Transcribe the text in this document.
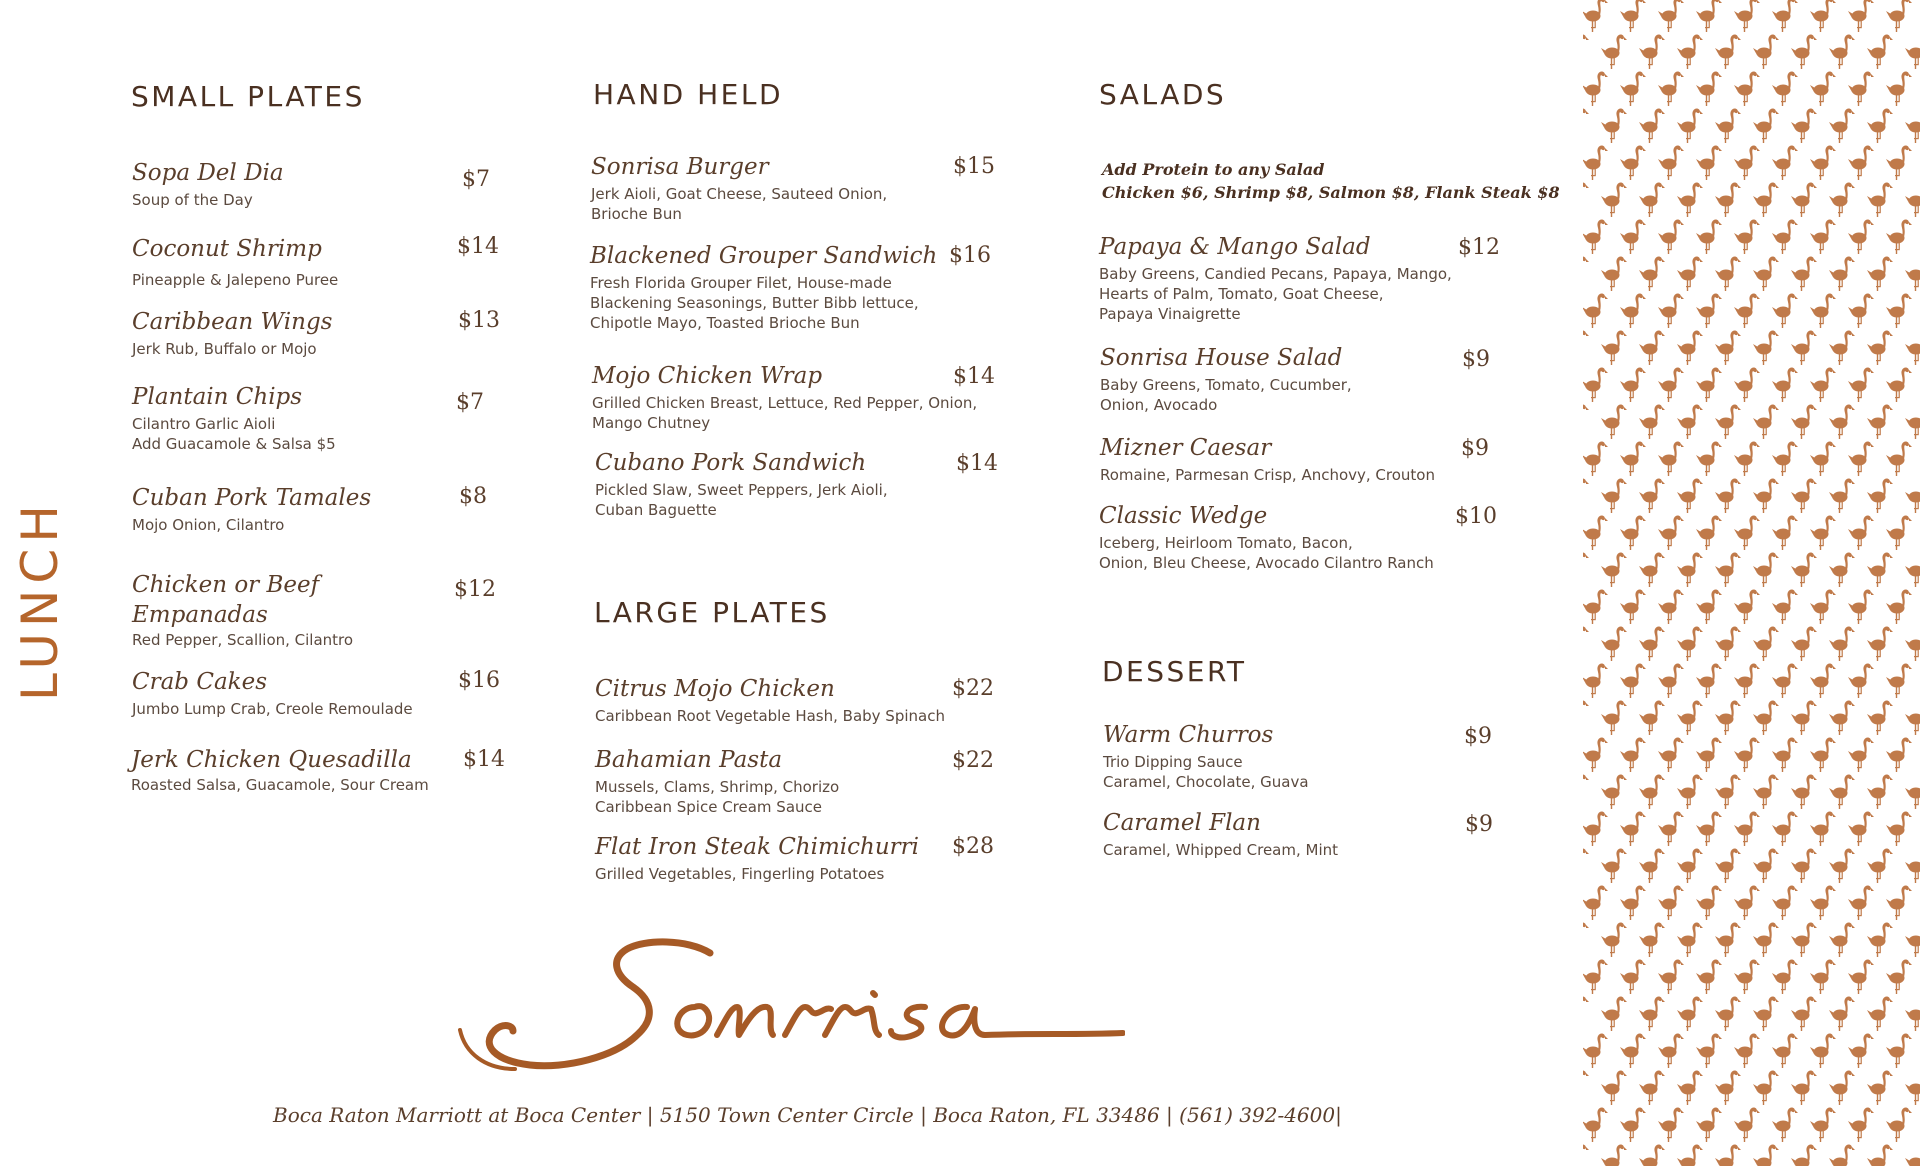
LUNCH
SMALL PLATES	HAND HELD
LARGE PLATES
SALADS
DESSERT
Add Protein to any Salad
Chicken $6, Shrimp $8, Salmon $8, Flank Steak $8
Sopa Del Dia
Soup of the Day
$7
Coconut Shrimp
Pineapple & Jalepeno Puree
$14
Caribbean Wings
Jerk Rub, Buffalo or Mojo
$13
Plantain Chips
Cilantro Garlic Aioli
Add Guacamole & Salsa $5
$7
Cuban Pork Tamales
Mojo Onion, Cilantro
$8
Chicken or Beef Empanadas
Red Pepper, Scallion, Cilantro
$12
Crab Cakes
Jumbo Lump Crab, Creole Remoulade
$16
Jerk Chicken Quesadilla
Roasted Salsa, Guacamole, Sour Cream
$14
Sonrisa Burger
Jerk Aioli, Goat Cheese, Sauteed Onion,
Brioche Bun
$15
Blackened Grouper Sandwich
Fresh Florida Grouper Filet, House-made
Blackening Seasonings, Butter Bibb lettuce,
Chipotle Mayo, Toasted Brioche Bun
$16
Mojo Chicken Wrap
Grilled Chicken Breast, Lettuce, Red Pepper, Onion,
Mango Chutney
$14
Cubano Pork Sandwich
Pickled Slaw, Sweet Peppers, Jerk Aioli,
Cuban Baguette
$14
Citrus Mojo Chicken
Caribbean Root Vegetable Hash, Baby Spinach
$22
Bahamian Pasta
Mussels, Clams, Shrimp, Chorizo
Caribbean Spice Cream Sauce
$22
Flat Iron Steak Chimichurri
Grilled Vegetables, Fingerling Potatoes
$28
Papaya & Mango Salad
Baby Greens, Candied Pecans, Papaya, Mango,
Hearts of Palm, Tomato, Goat Cheese,
Papaya Vinaigrette
$12
Sonrisa House Salad
Baby Greens, Tomato, Cucumber,
Onion, Avocado
$9
Mizner Caesar
Romaine, Parmesan Crisp, Anchovy, Crouton
$9
Classic Wedge
Iceberg, Heirloom Tomato, Bacon,
Onion, Bleu Cheese, Avocado Cilantro Ranch
$10
Warm Churros
Trio Dipping Sauce
Caramel, Chocolate, Guava
$9
Caramel Flan
Caramel, Whipped Cream, Mint
$9
Boca Raton Marriott at Boca Center | 5150 Town Center Circle | Boca Raton, FL 33486 | (561) 392-4600|
